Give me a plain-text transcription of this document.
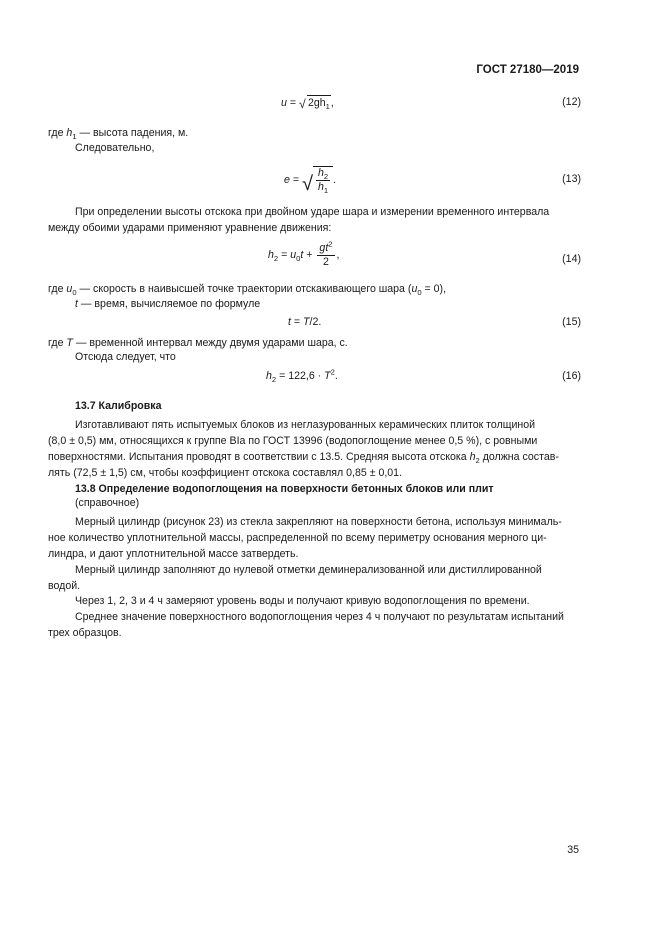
ГОСТ 27180—2019
u = √ $2gh_1$,	(12)
где $h_1$ — высота падения, м.
Следовательно,
e = √ $\frac{h_2}{h_1}$ .	(13)

При определении высоты отскока при двойном ударе шара и измерении временного интервала

между обоими ударами применяют уравнение движения:

$h_2 = u_0t + \frac{gt^2}{2}$ ,	(14)
где $u_0$ — скорость в наивысшей точке траектории отскакивающего шара $(u_0 = 0)$,
t — время, вычисляемое по формуле
t = T/2.	(15)
где T — временной интервал между двумя ударами шара, с.
Отсюда следует, что
$h_2 = 122,6 \cdot T^2$.	(16)
13.7 Калибровка

Изготавливают пять испытуемых блоков из неглазурованных керамических плиток толщиной

(8,0 ± 0,5) мм, относящихся к группе BIa по ГОСТ 13996 (водопоглощение менее 0,5 %), с ровными

поверхностями. Испытания проводят в соответствии с 13.5. Средняя высота отскока $h_2$ должна состав-

лять (72,5 ± 1,5) см, чтобы коэффициент отскока составлял 0,85 ± 0,01.

13.8 Определение водопоглощения на поверхности бетонных блоков или плит
(справочное)

Мерный цилиндр (рисунок 23) из стекла закрепляют на поверхности бетона, используя минималь-

ное количество уплотнительной массы, распределенной по всему периметру основания мерного ци-

линдра, и дают уплотнительной массе затвердеть.

Мерный цилиндр заполняют до нулевой отметки деминерализованной или дистиллированной

водой.

Через 1, 2, 3 и 4 ч замеряют уровень воды и получают кривую водопоглощения по времени.

Среднее значение поверхностного водопоглощения через 4 ч получают по результатам испытаний

трех образцов.

35
